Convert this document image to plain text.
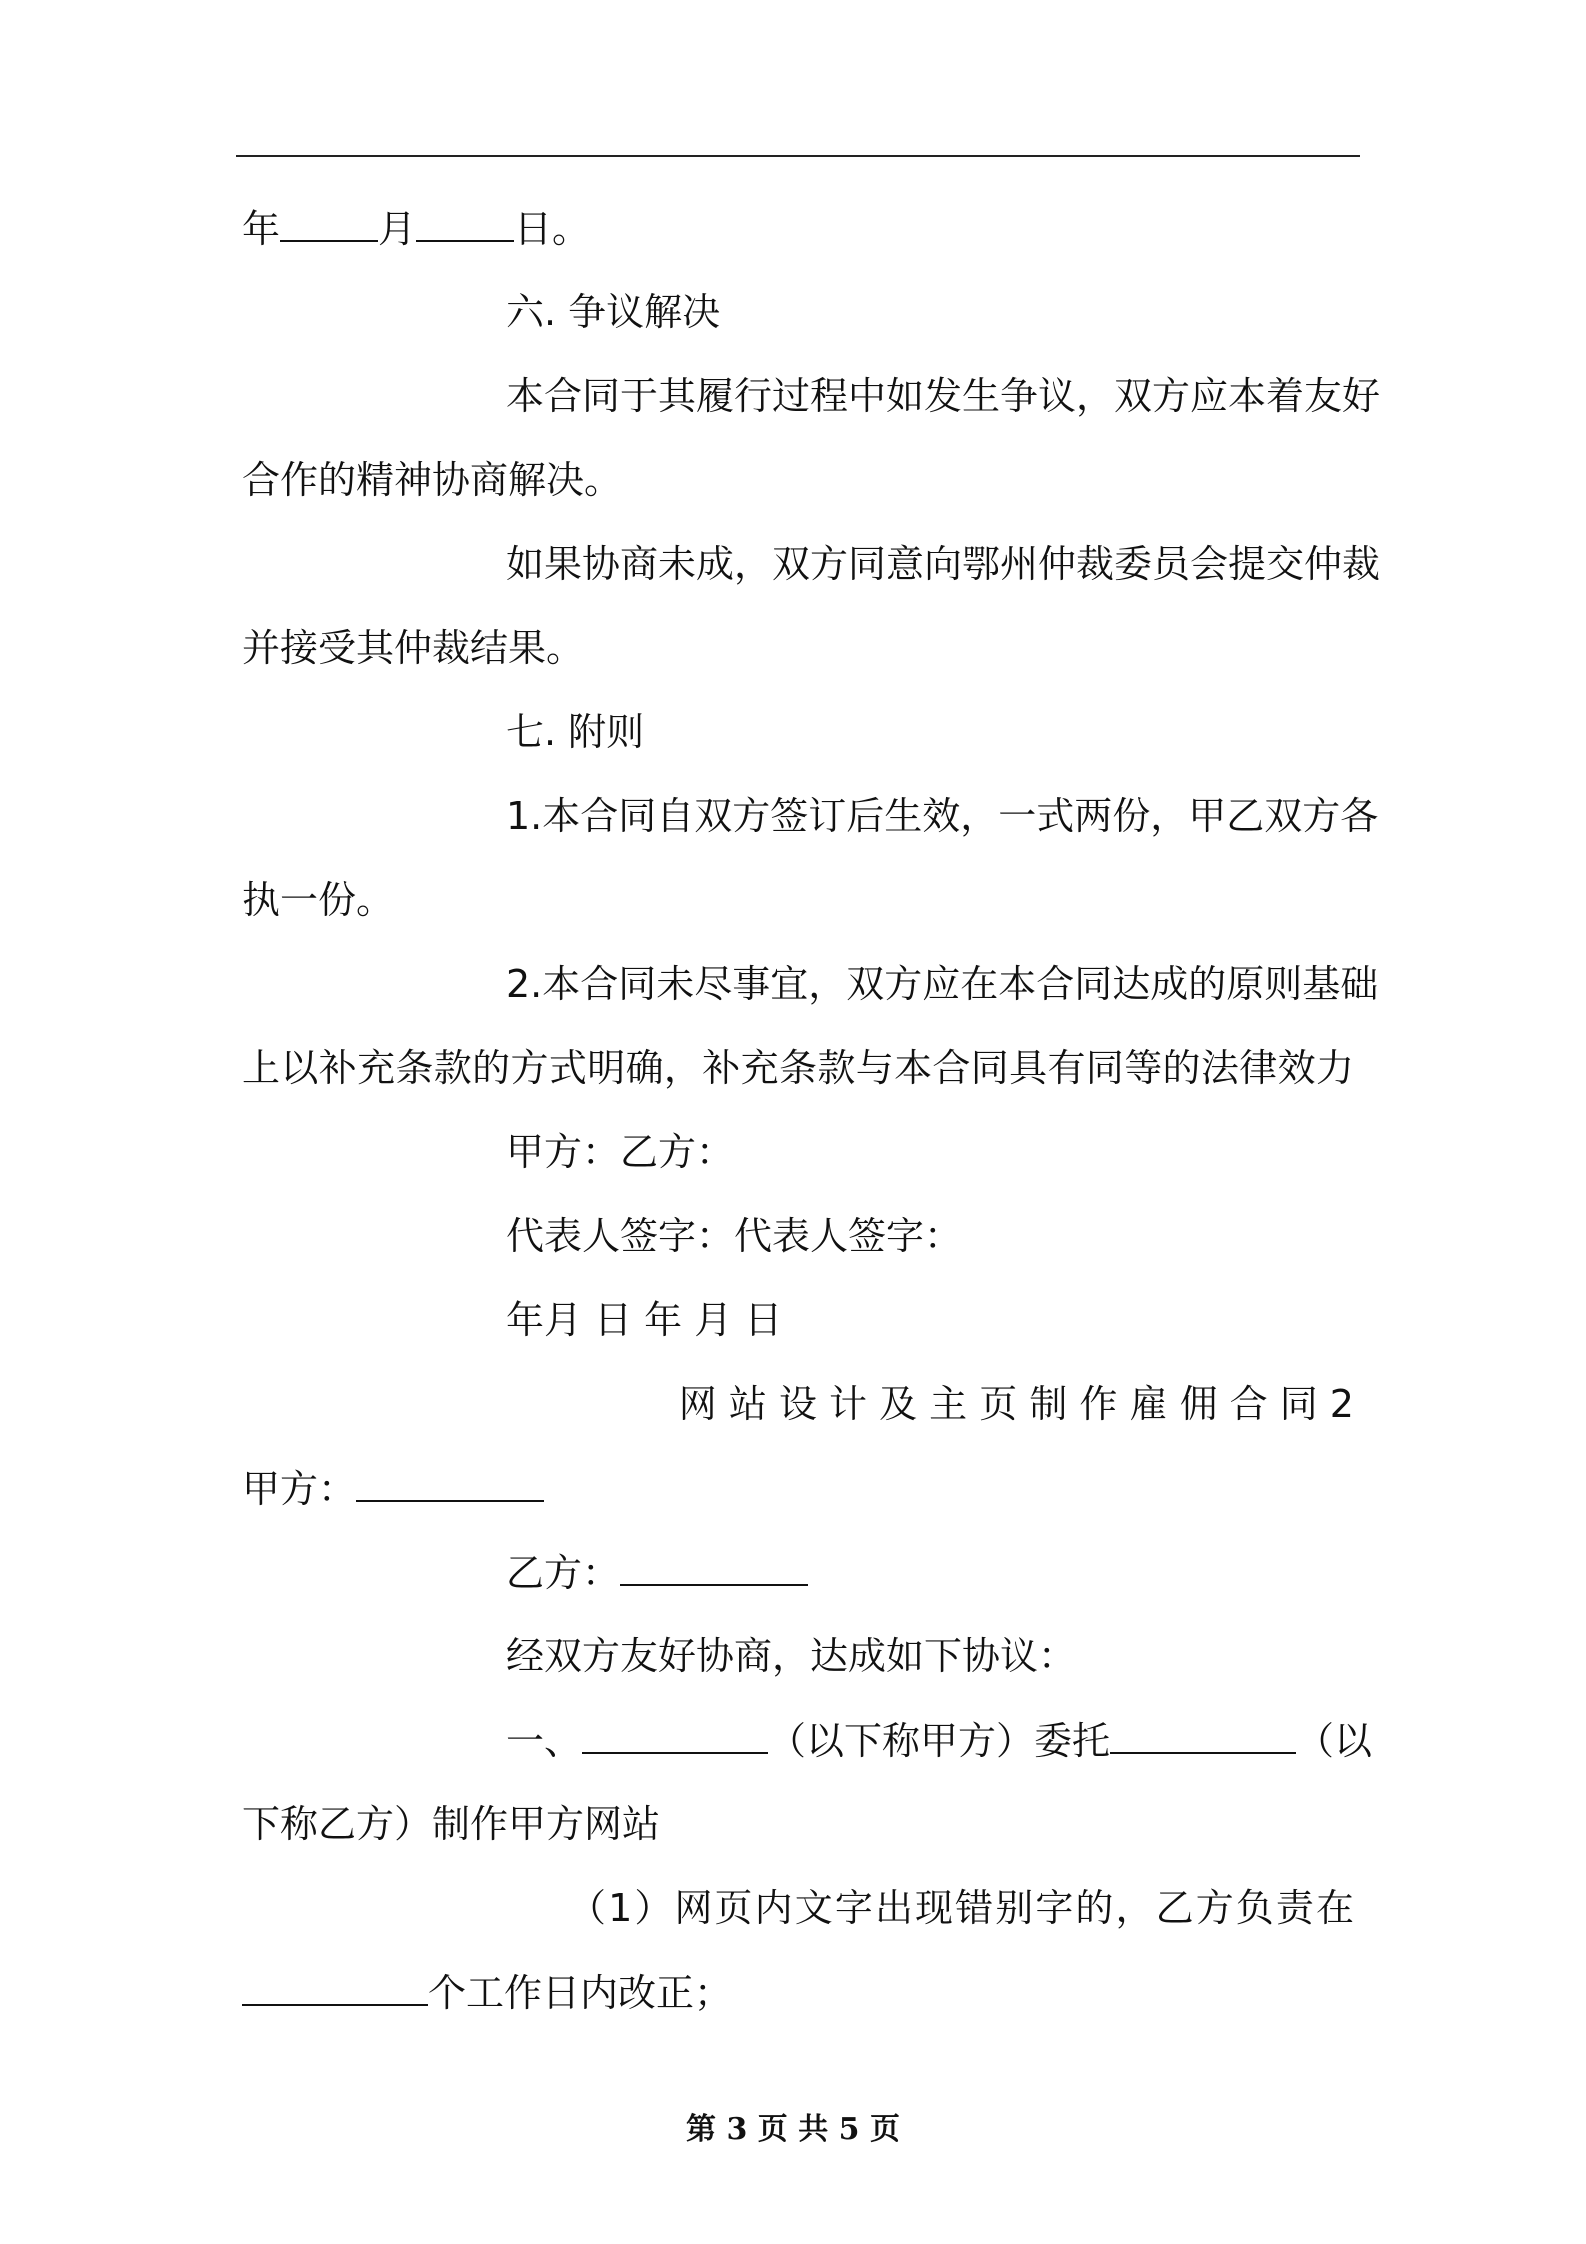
年	月	日。
六. 争议解决
本合同于其履行过程中如发生争议，双方应本着友好
合作的精神协商解决。
如果协商未成，双方同意向鄂州仲裁委员会提交仲裁
并接受其仲裁结果。
七. 附则
1.本合同自双方签订后生效，一式两份，甲乙双方各
执一份。
2.本合同未尽事宜，双方应在本合同达成的原则基础
上以补充条款的方式明确，补充条款与本合同具有同等的法律效力
甲方：乙方：
代表人签字：代表人签字：
年月 日 年 月 日
网 站 设 计 及 主 页 制 作 雇 佣 合 同 2
甲方：
乙方：
经双方友好协商，达成如下协议：
一、	（以下称甲方）委托	（以
下称乙方）制作甲方网站
（1）网页内文字出现错别字的，乙方负责在
个工作日内改正；
第 3 页 共 5 页
